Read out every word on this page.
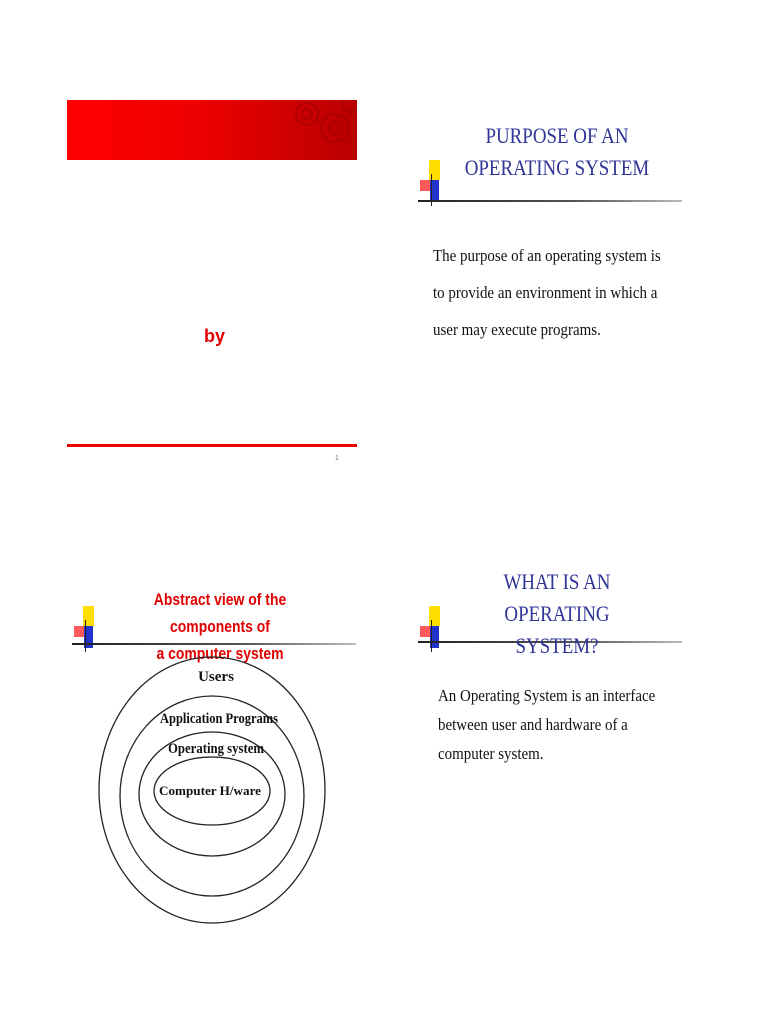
by
1
PURPOSE OF AN
OPERATING SYSTEM
The purpose of an operating system is
to provide an environment in which a
user may execute programs.
Abstract view of the components of
a computer system
Users
Application Programs
Operating system
Computer H/ware
WHAT IS AN OPERATING
SYSTEM?
An Operating System is an interface
between user and hardware of a
computer system.
